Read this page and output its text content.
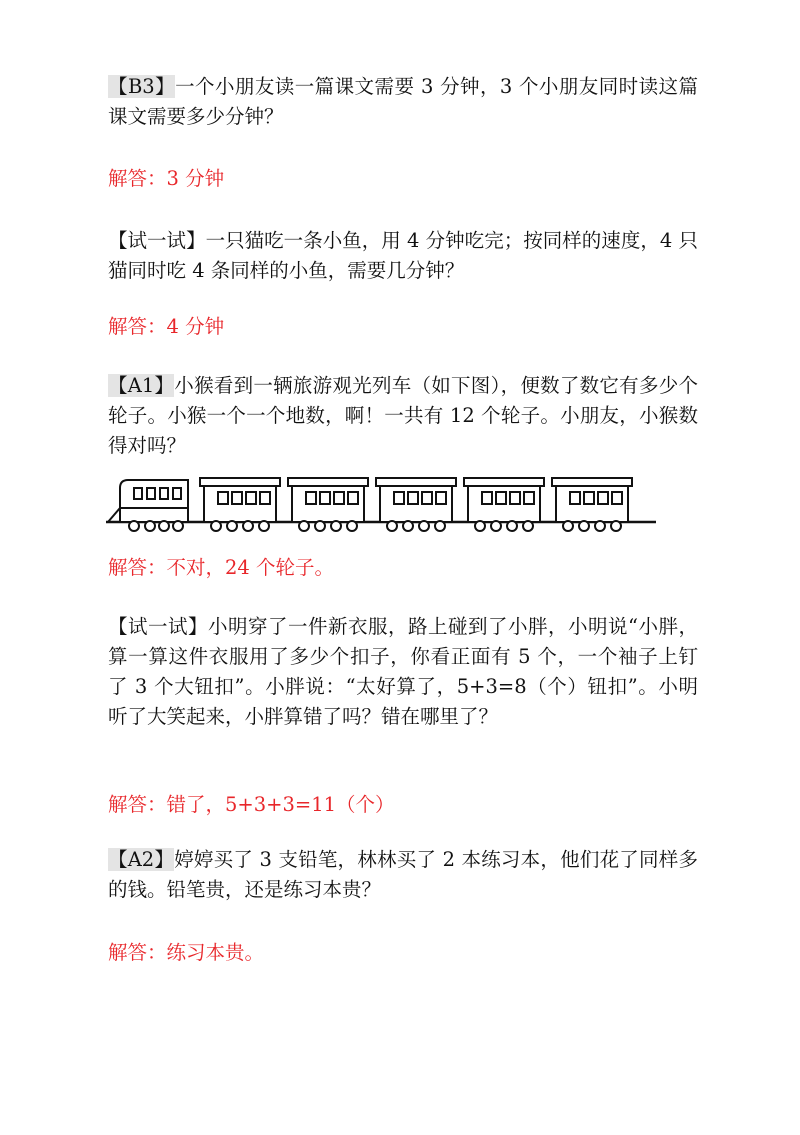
【B3】一个小朋友读一篇课文需要 3 分钟，3 个小朋友同时读这篇课文需要多少分钟？

解答：3 分钟

【试一试】一只猫吃一条小鱼，用 4 分钟吃完；按同样的速度，4 只猫同时吃 4 条同样的小鱼，需要几分钟？

解答：4 分钟

【A1】小猴看到一辆旅游观光列车（如下图），便数了数它有多少个轮子。小猴一个一个地数，啊！一共有 12 个轮子。小朋友，小猴数得对吗？

解答：不对，24 个轮子。

【试一试】小明穿了一件新衣服，路上碰到了小胖，小明说“小胖，算一算这件衣服用了多少个扣子，你看正面有 5 个，一个袖子上钉了 3 个大钮扣”。小胖说：“太好算了，5+3=8（个）钮扣”。小明听了大笑起来，小胖算错了吗？错在哪里了？

解答：错了，5+3+3=11（个）

【A2】婷婷买了 3 支铅笔，林林买了 2 本练习本，他们花了同样多的钱。铅笔贵，还是练习本贵？

解答：练习本贵。
